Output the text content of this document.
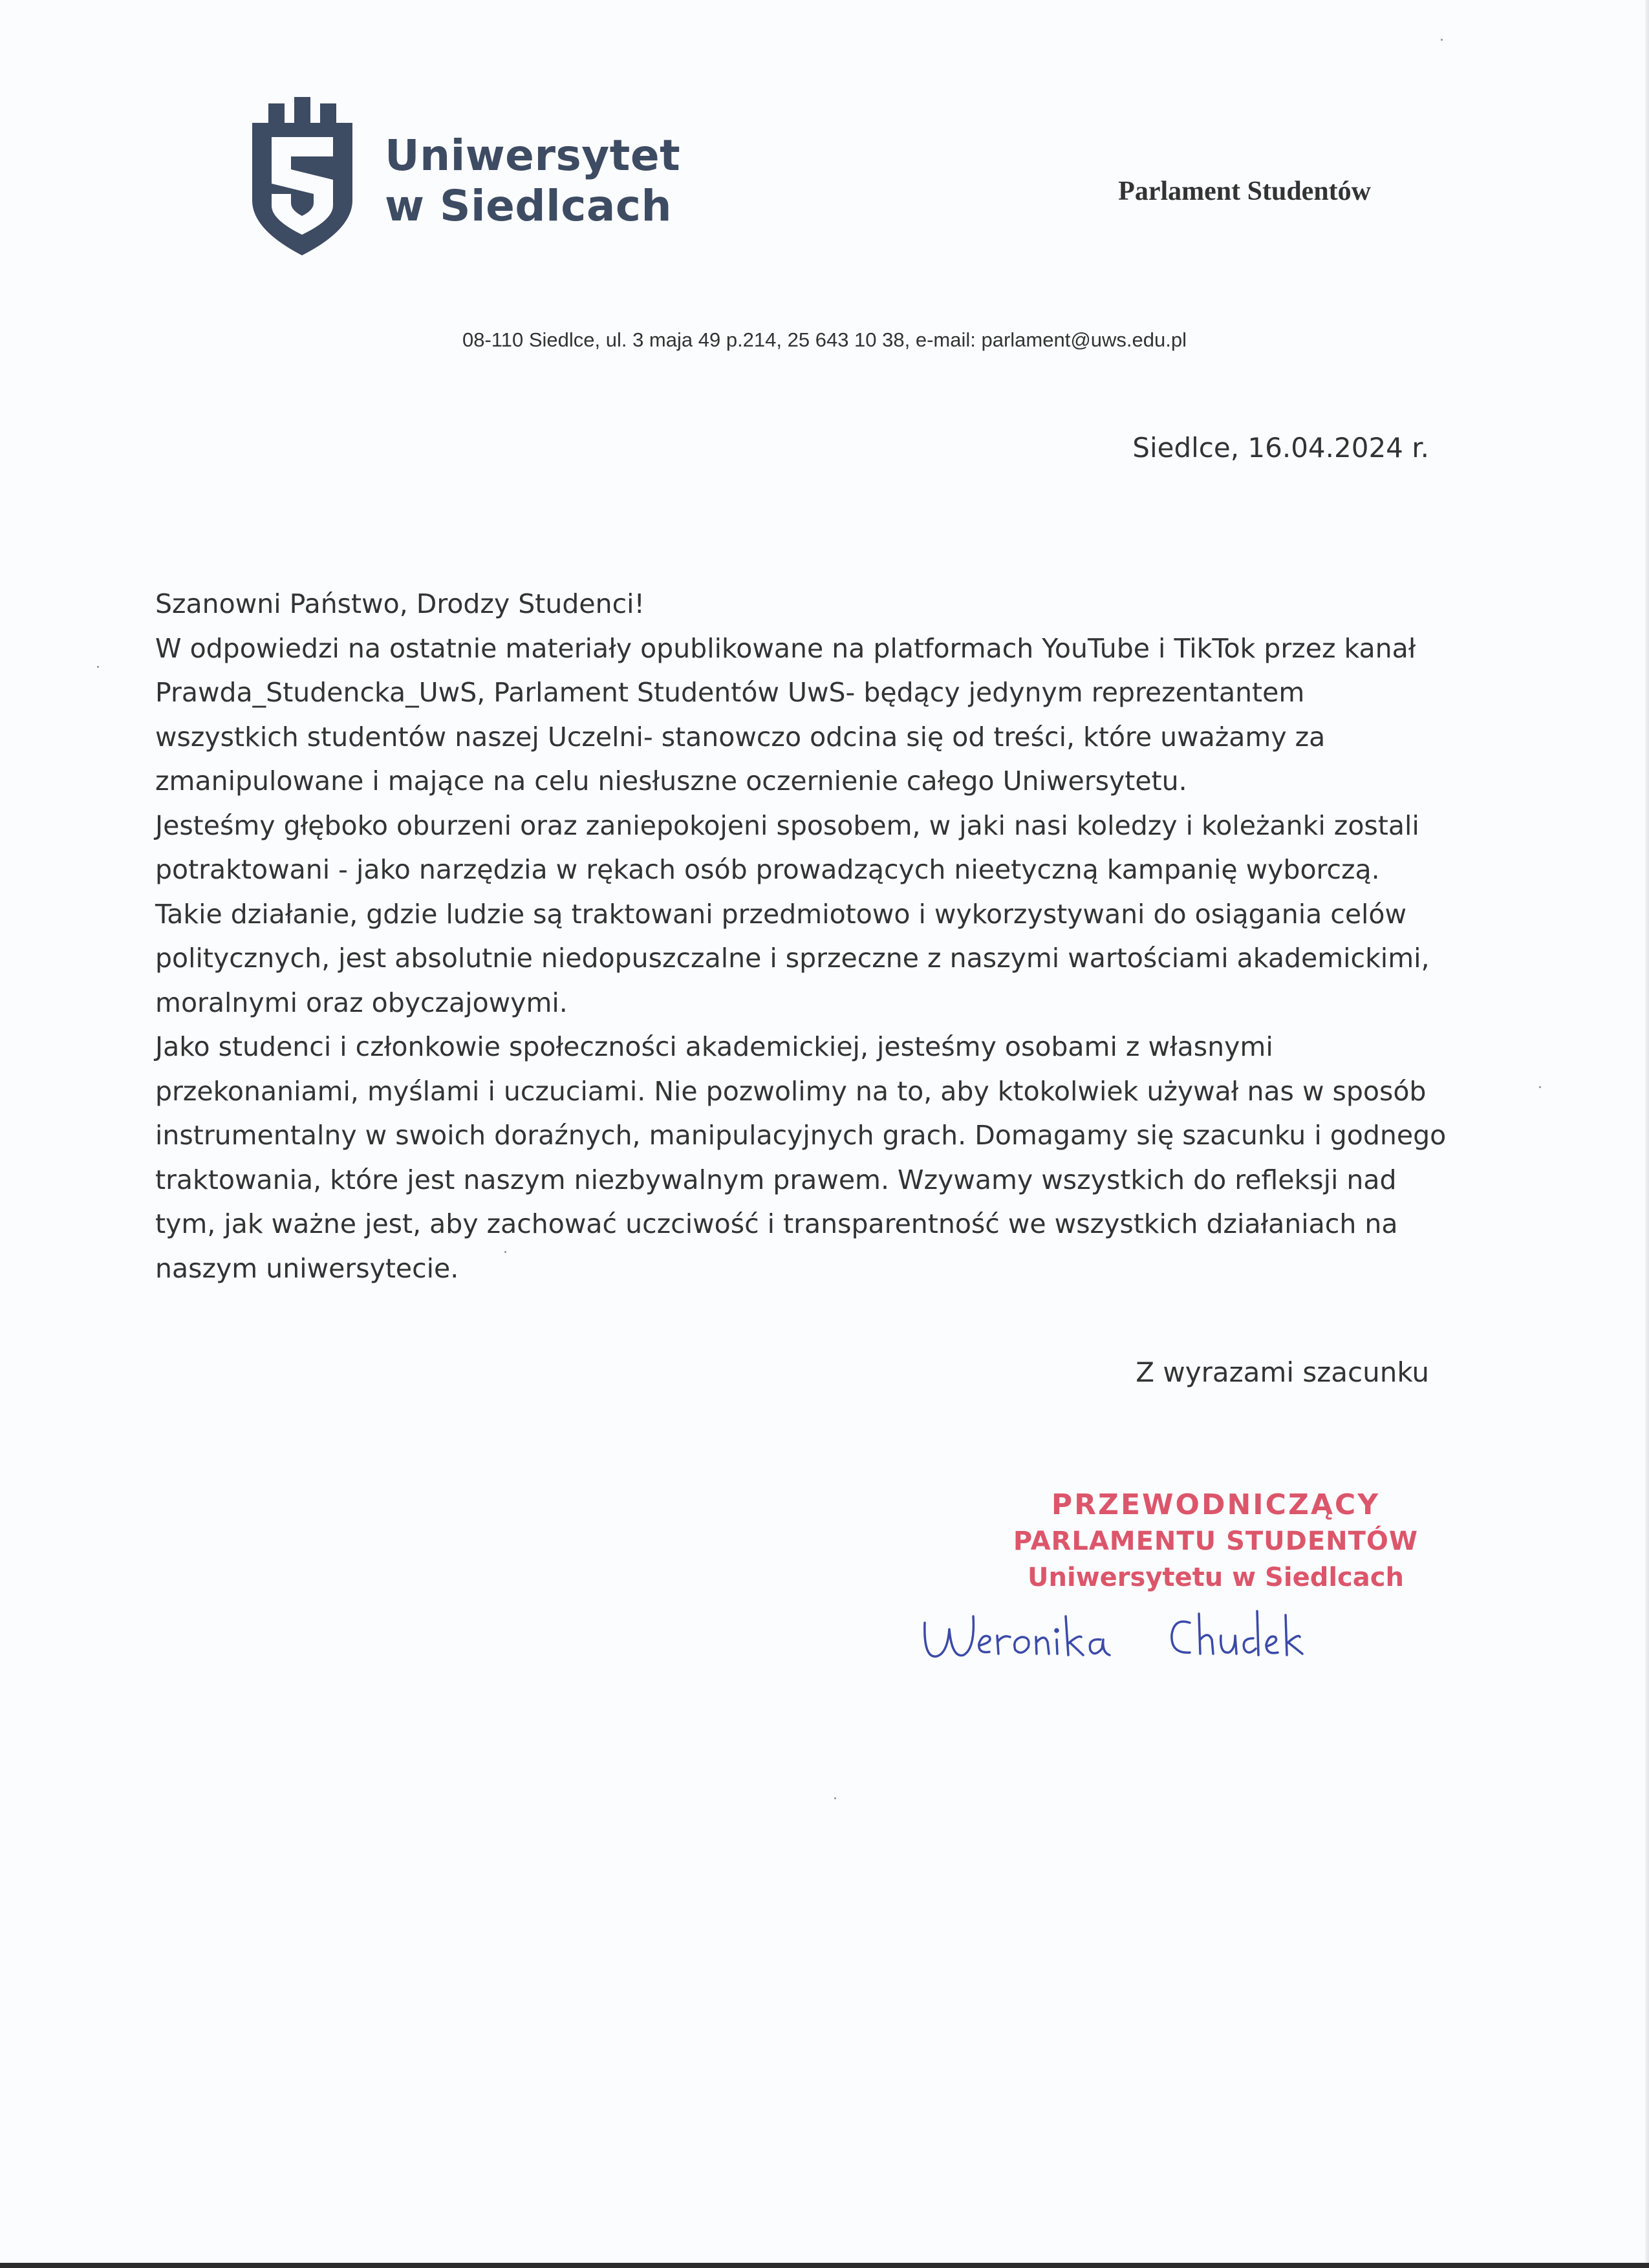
Uniwersytet
w Siedlcach	Parlament Studentów
08-110 Siedlce, ul. 3 maja 49 p.214, 25 643 10 38, e-mail: parlament@uws.edu.pl
Siedlce, 16.04.2024 r.

Szanowni Państwo, Drodzy Studenci!

W odpowiedzi na ostatnie materiały opublikowane na platformach YouTube i TikTok przez kanał

Prawda_Studencka_UwS, Parlament Studentów UwS- będący jedynym reprezentantem

wszystkich studentów naszej Uczelni- stanowczo odcina się od treści, które uważamy za

zmanipulowane i mające na celu niesłuszne oczernienie całego Uniwersytetu.

Jesteśmy głęboko oburzeni oraz zaniepokojeni sposobem, w jaki nasi koledzy i koleżanki zostali

potraktowani - jako narzędzia w rękach osób prowadzących nieetyczną kampanię wyborczą.

Takie działanie, gdzie ludzie są traktowani przedmiotowo i wykorzystywani do osiągania celów

politycznych, jest absolutnie niedopuszczalne i sprzeczne z naszymi wartościami akademickimi,

moralnymi oraz obyczajowymi.

Jako studenci i członkowie społeczności akademickiej, jesteśmy osobami z własnymi

przekonaniami, myślami i uczuciami. Nie pozwolimy na to, aby ktokolwiek używał nas w sposób

instrumentalny w swoich doraźnych, manipulacyjnych grach. Domagamy się szacunku i godnego

traktowania, które jest naszym niezbywalnym prawem. Wzywamy wszystkich do refleksji nad

tym, jak ważne jest, aby zachować uczciwość i transparentność we wszystkich działaniach na

naszym uniwersytecie.

Z wyrazami szacunku
PRZEWODNICZĄCY
PARLAMENTU STUDENTÓW
Uniwersytetu w Siedlcach
